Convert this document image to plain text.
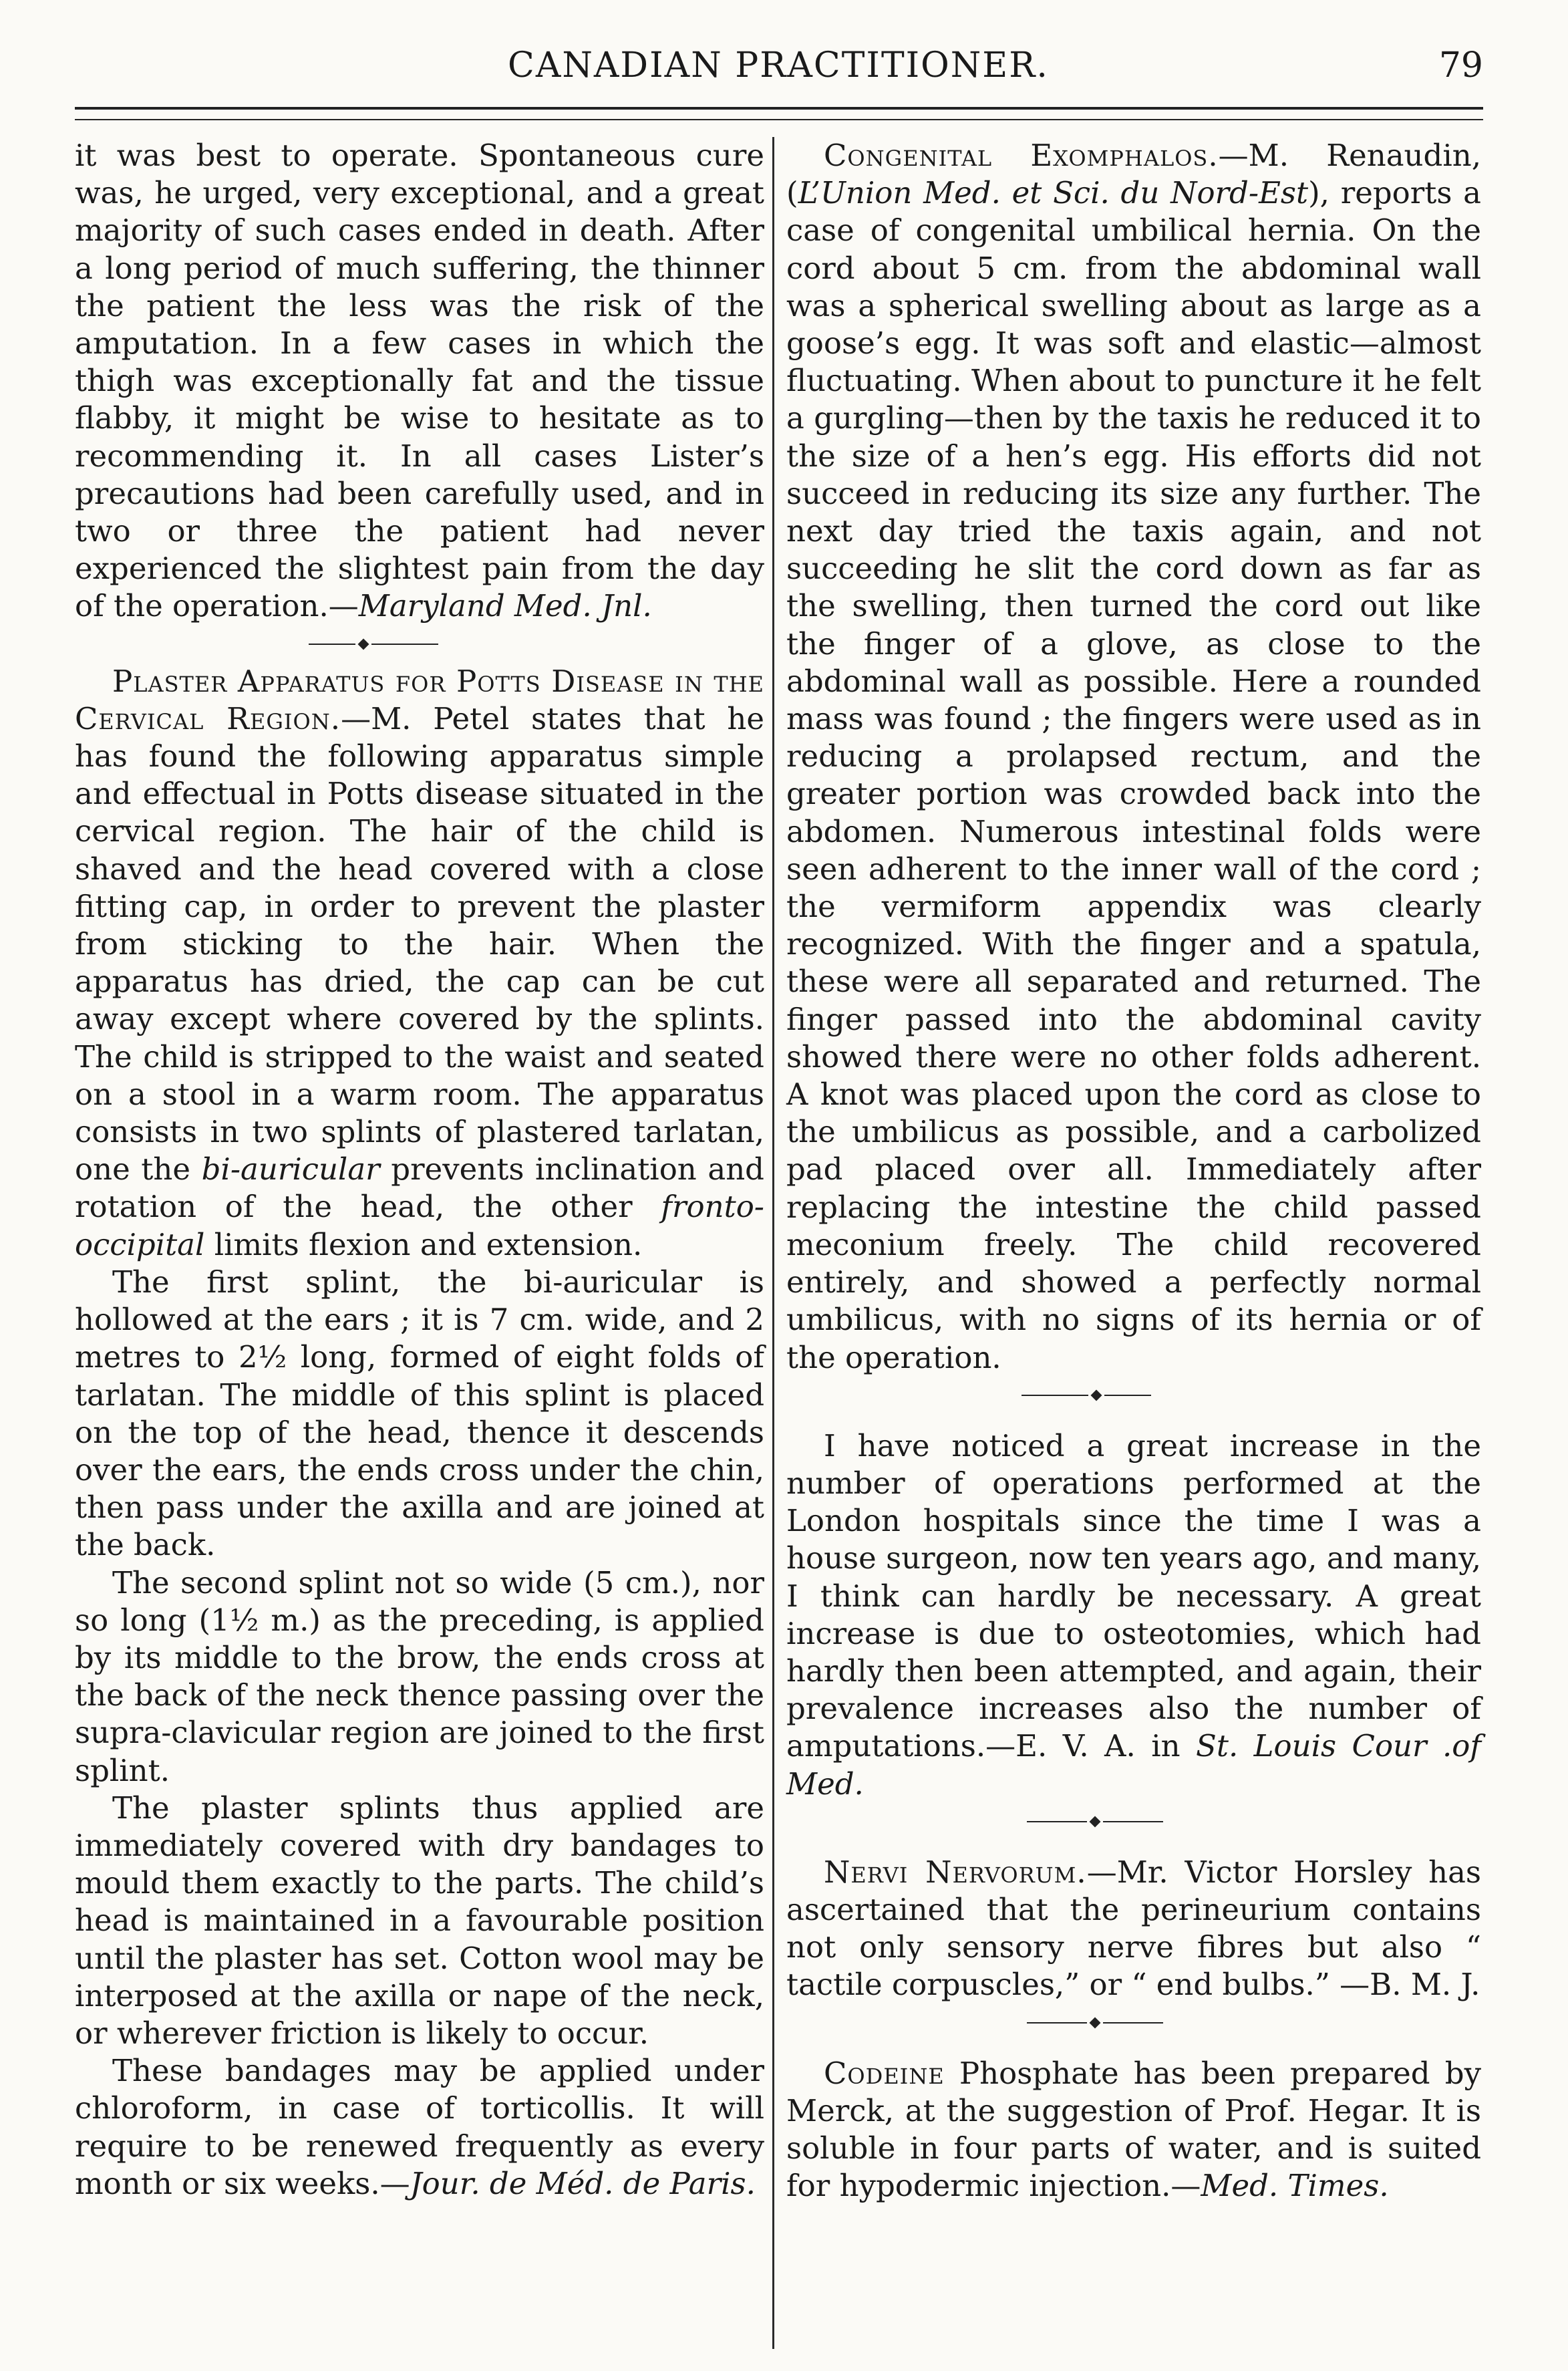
CANADIAN PRACTITIONER.	79

it was best to operate. Spontaneous cure was, he urged, very exceptional, and a great majority of such cases ended in death. After a long period of much suffering, the thinner the patient the less was the risk of the amputation. In a few cases in which the thigh was exceptionally fat and the tissue flabby, it might be wise to hesitate as to recommending it. In all cases Lister’s precautions had been carefully used, and in two or three the patient had never experienced the slightest pain from the day of the operation.—Maryland Med. Jnl.

Plaster Apparatus for Potts Disease in the Cervical Region.—M. Petel states that he has found the following apparatus simple and effectual in Potts disease situated in the cervical region. The hair of the child is shaved and the head covered with a close fitting cap, in order to prevent the plaster from sticking to the hair. When the apparatus has dried, the cap can be cut away except where covered by the splints. The child is stripped to the waist and seated on a stool in a warm room. The apparatus consists in two splints of plastered tarlatan, one the bi-auricular prevents inclination and rotation of the head, the other fronto-occipital limits flexion and extension.

The first splint, the bi-auricular is hollowed at the ears ; it is 7 cm. wide, and 2 metres to 2½ long, formed of eight folds of tarlatan. The middle of this splint is placed on the top of the head, thence it descends over the ears, the ends cross under the chin, then pass under the axilla and are joined at the back.

The second splint not so wide (5 cm.), nor so long (1½ m.) as the preceding, is applied by its middle to the brow, the ends cross at the back of the neck thence passing over the supra-clavicular region are joined to the first splint.

The plaster splints thus applied are immediately covered with dry bandages to mould them exactly to the parts. The child’s head is maintained in a favourable position until the plaster has set. Cotton wool may be interposed at the axilla or nape of the neck, or wherever friction is likely to occur.

These bandages may be applied under chloroform, in case of torticollis. It will require to be renewed frequently as every month or six weeks.—Jour. de Méd. de Paris.

Congenital Exomphalos.—M. Renaudin, (L’Union Med. et Sci. du Nord-Est), reports a case of congenital umbilical hernia. On the cord about 5 cm. from the abdominal wall was a spherical swelling about as large as a goose’s egg. It was soft and elastic—almost fluctuating. When about to puncture it he felt a gurgling—then by the taxis he reduced it to the size of a hen’s egg. His efforts did not succeed in reducing its size any further. The next day tried the taxis again, and not succeeding he slit the cord down as far as the swelling, then turned the cord out like the finger of a glove, as close to the abdominal wall as possible. Here a rounded mass was found ; the fingers were used as in reducing a prolapsed rectum, and the greater portion was crowded back into the abdomen. Numerous intestinal folds were seen adherent to the inner wall of the cord ; the vermiform appendix was clearly recognized. With the finger and a spatula, these were all separated and returned. The finger passed into the abdominal cavity showed there were no other folds adherent. A knot was placed upon the cord as close to the umbilicus as possible, and a carbolized pad placed over all. Immediately after replacing the intestine the child passed meconium freely. The child recovered entirely, and showed a perfectly normal umbilicus, with no signs of its hernia or of the operation.

I have noticed a great increase in the number of operations performed at the London hospitals since the time I was a house surgeon, now ten years ago, and many, I think can hardly be necessary. A great increase is due to osteotomies, which had hardly then been attempted, and again, their prevalence increases also the number of amputations.—E. V. A. in St. Louis Cour .of Med.

Nervi Nervorum.—Mr. Victor Horsley has ascertained that the perineurium contains not only sensory nerve fibres but also “ tactile corpuscles,” or “ end bulbs.” —B. M. J.

Codeine Phosphate has been prepared by Merck, at the suggestion of Prof. Hegar. It is soluble in four parts of water, and is suited for hypodermic injection.—Med. Times.
